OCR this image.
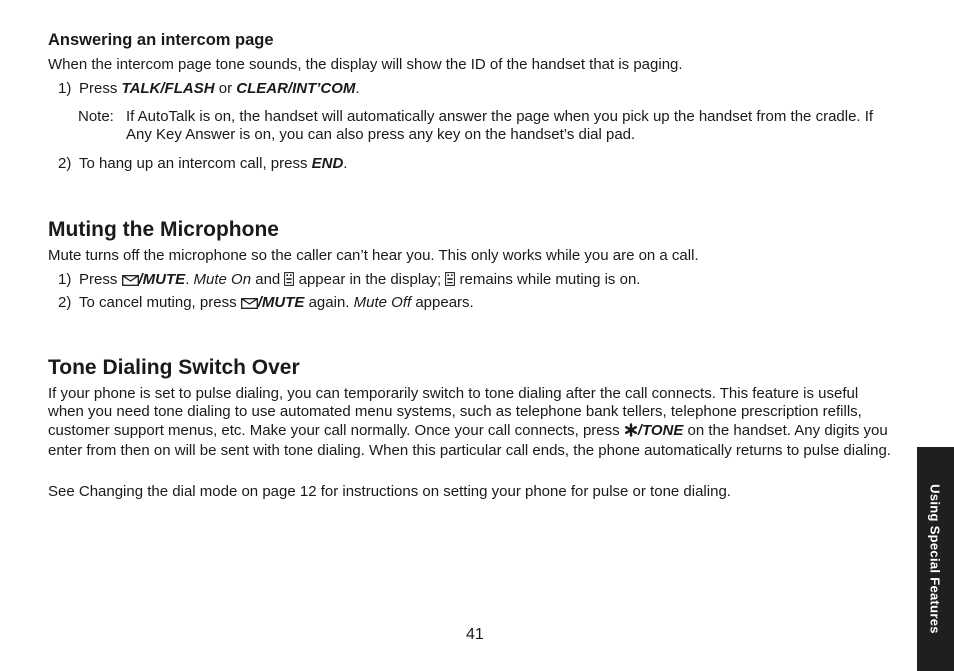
Answering an intercom page

When the intercom page tone sounds, the display will show the ID of the handset that is paging.

1) Press TALK/FLASH or CLEAR/INT’COM.

Note: If AutoTalk is on, the handset will automatically answer the page when you pick up the handset from the cradle. If Any Key Answer is on, you can also press any key on the handset’s dial pad.

2) To hang up an intercom call, press END.

Muting the Microphone

Mute turns off the microphone so the caller can’t hear you. This only works while you are on a call.

1) Press /MUTE. Mute On and  appear in the display;  remains while muting is on.

2) To cancel muting, press /MUTE again. Mute Off appears.

Tone Dialing Switch Over

If your phone is set to pulse dialing, you can temporarily switch to tone dialing after the call connects. This feature is useful when you need tone dialing to use automated menu systems, such as telephone bank tellers, telephone prescription refills, customer support menus, etc. Make your call normally. Once your call connects, press /TONE on the handset. Any digits you enter from then on will be sent with tone dialing. When this particular call ends, the phone automatically returns to pulse dialing.

See Changing the dial mode on page 12 for instructions on setting your phone for pulse or tone dialing.

41

Using Special Features
